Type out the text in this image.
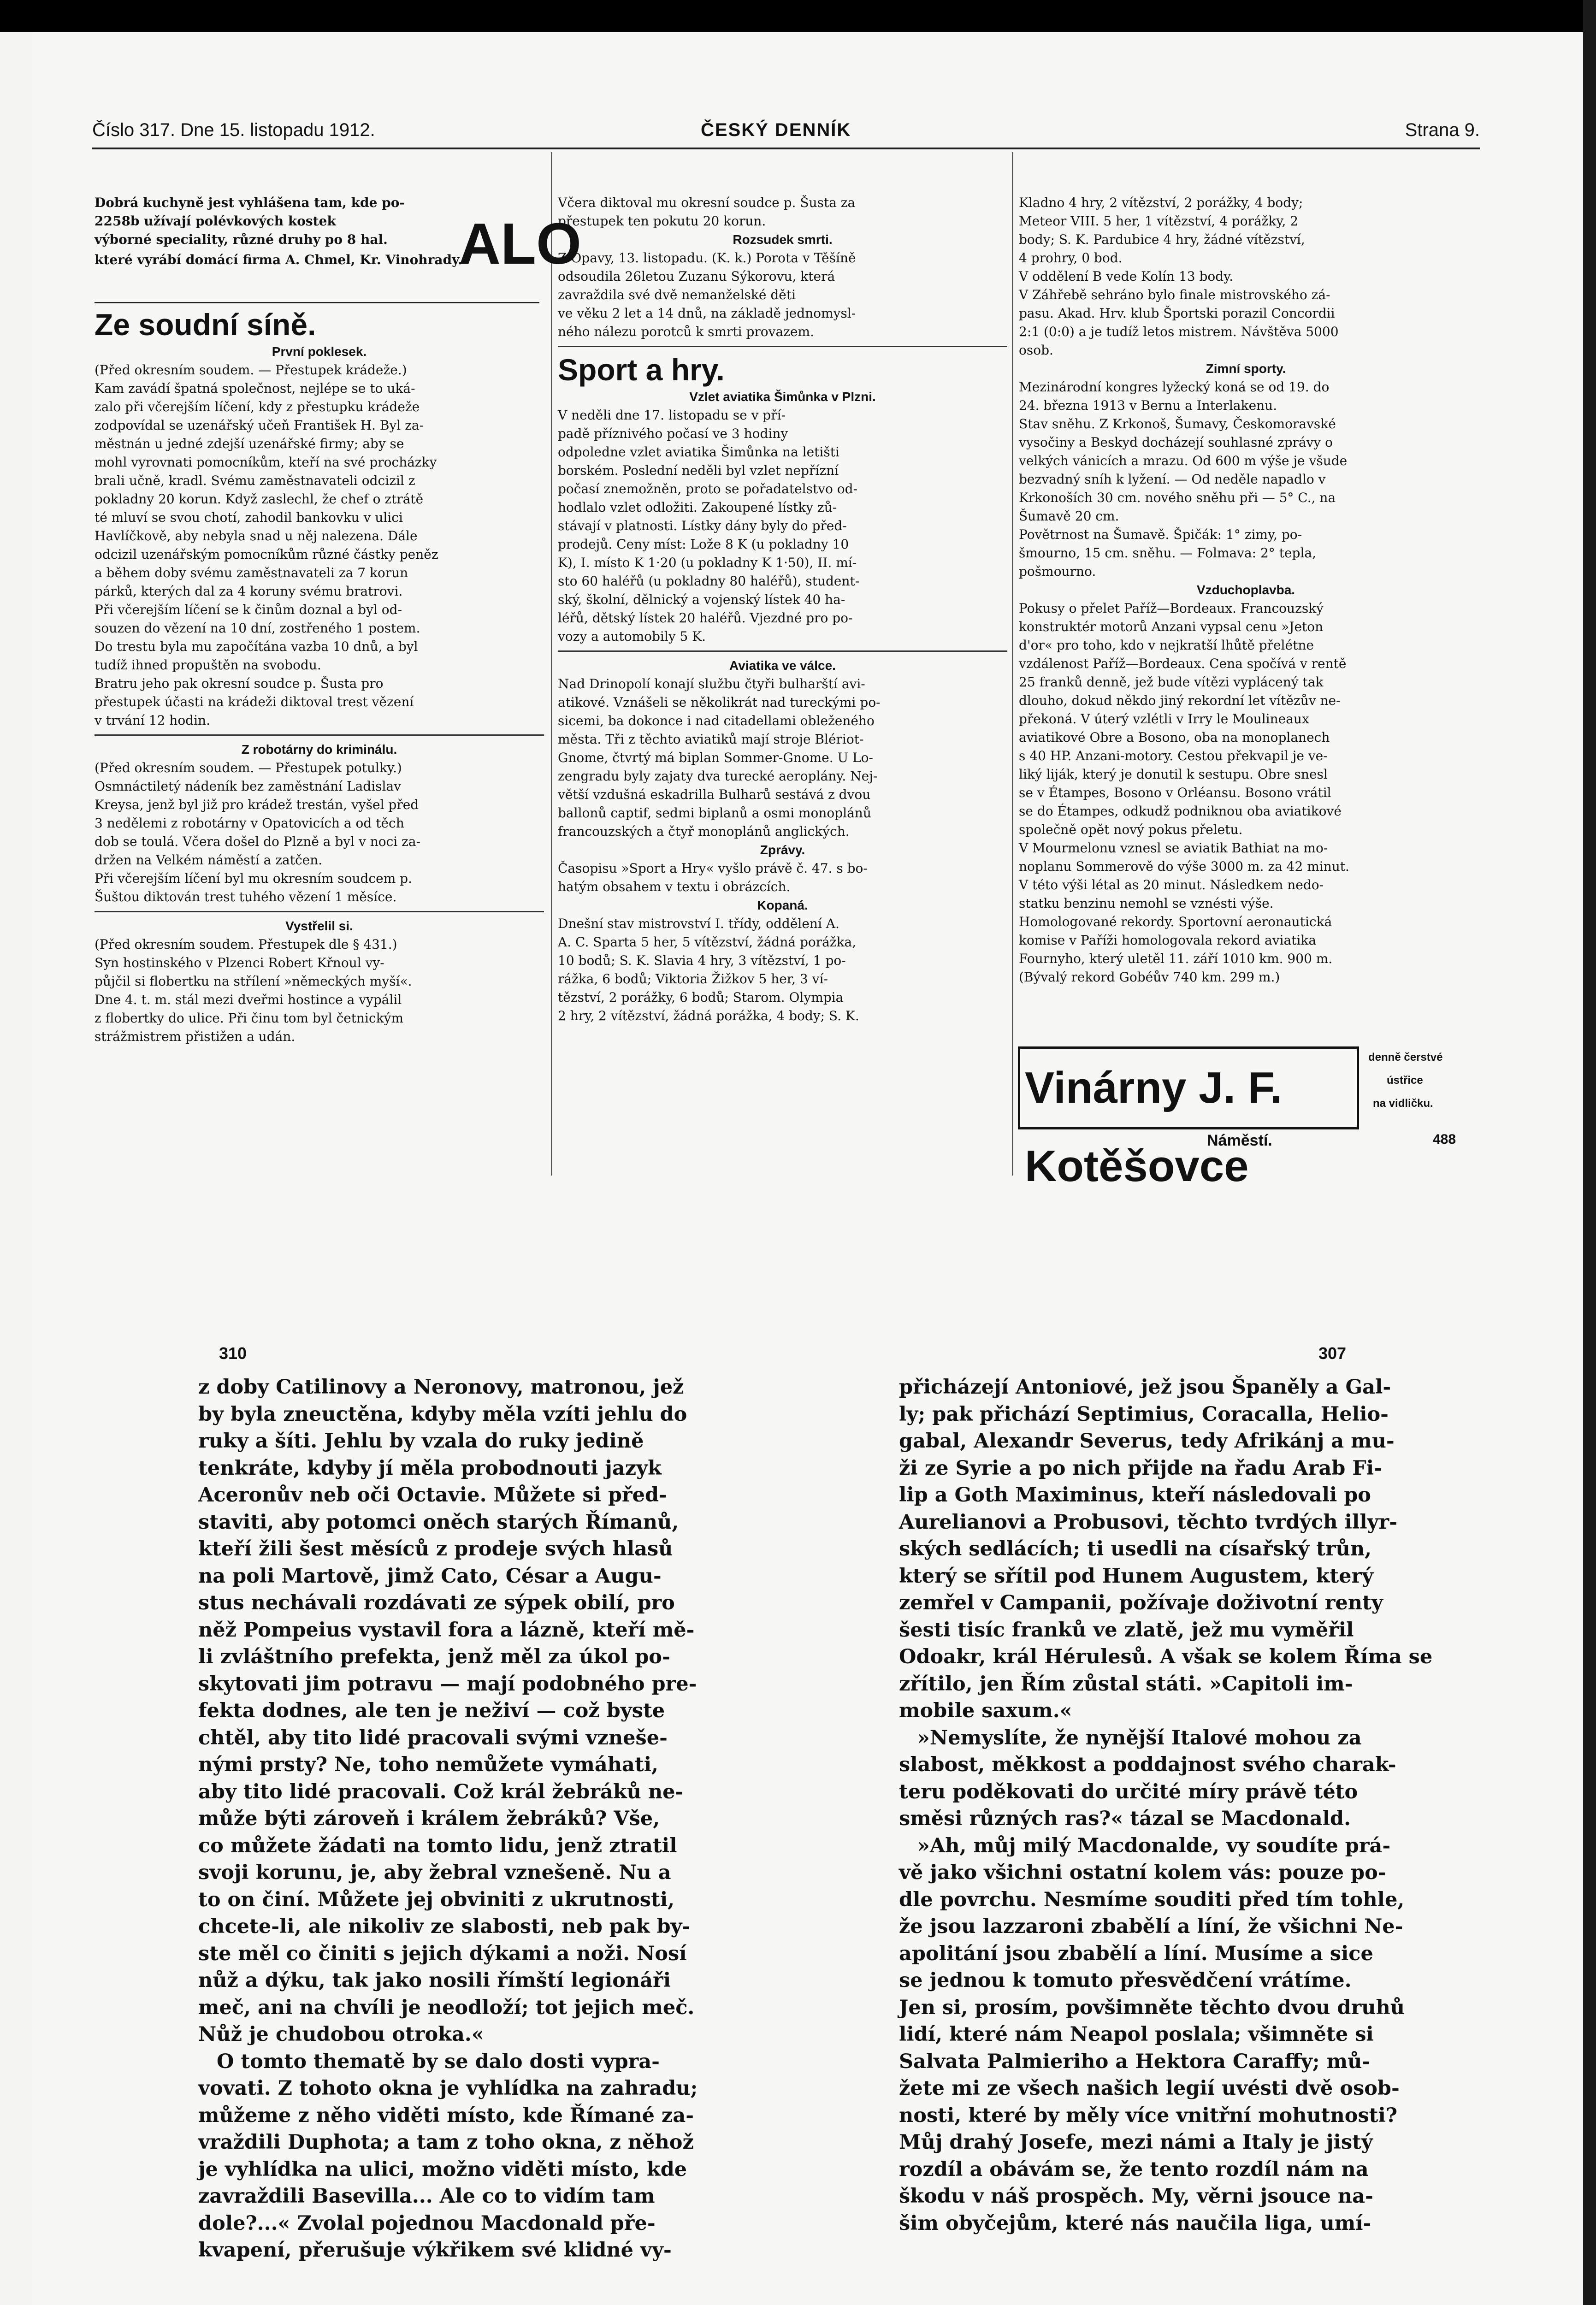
Číslo 317. Dne 15. listopadu 1912.	ČESKÝ DENNÍK	Strana 9.
Dobrá kuchyně jest vyhlášena tam, kde po-
2258b užívají polévkových kostek
výborné speciality, různé druhy po 8 hal.	ALO
které vyrábí domácí firma A. Chmel, Kr. Vinohrady.
Ze soudní síně.

První poklesek.

(Před okresním soudem. — Přestupek krádeže.)
Kam zavádí špatná společnost, nejlépe se to uká-
zalo při včerejším líčení, kdy z přestupku krádeže
zodpovídal se uzenářský učeň František H. Byl za-
městnán u jedné zdejší uzenářské firmy; aby se
mohl vyrovnati pomocníkům, kteří na své procházky
brali učně, kradl. Svému zaměstnavateli odcizil z
pokladny 20 korun. Když zaslechl, že chef o ztrátě
té mluví se svou chotí, zahodil bankovku v ulici
Havlíčkově, aby nebyla snad u něj nalezena. Dále
odcizil uzenářským pomocníkům různé částky peněz
a během doby svému zaměstnavateli za 7 korun
párků, kterých dal za 4 koruny svému bratrovi.
Při včerejším líčení se k činům doznal a byl od-
souzen do vězení na 10 dní, zostřeného 1 postem.
Do trestu byla mu započítána vazba 10 dnů, a byl
tudíž ihned propuštěn na svobodu.
Bratru jeho pak okresní soudce p. Šusta pro
přestupek účasti na krádeži diktoval trest vězení
v trvání 12 hodin.

Z robotárny do kriminálu.

(Před okresním soudem. — Přestupek potulky.)
Osmnáctiletý nádeník bez zaměstnání Ladislav
Kreysa, jenž byl již pro krádež trestán, vyšel před
3 nedělemi z robotárny v Opatovicích a od těch
dob se toulá. Včera došel do Plzně a byl v noci za-
držen na Velkém náměstí a zatčen.
Při včerejším líčení byl mu okresním soudcem p.
Šuštou diktován trest tuhého vězení 1 měsíce.

Vystřelil si.

(Před okresním soudem. Přestupek dle § 431.)
Syn hostinského v Plzenci Robert Křnoul vy-
půjčil si flobertku na střílení »německých myší«.
Dne 4. t. m. stál mezi dveřmi hostince a vypálil
z flobertky do ulice. Při činu tom byl četnickým
strážmistrem přistižen a udán.
Včera diktoval mu okresní soudce p. Šusta za
přestupek ten pokutu 20 korun.

Rozsudek smrti.

Z Opavy, 13. listopadu. (K. k.) Porota v Těšíně
odsoudila 26letou Zuzanu Sýkorovu, která
zavraždila své dvě nemanželské děti
ve věku 2 let a 14 dnů, na základě jednomysl-
ného nálezu porotců k smrti provazem.
Sport a hry.

Vzlet aviatika Šimůnka v Plzni.

V neděli dne 17. listopadu se v pří-
padě příznivého počasí ve 3 hodiny
odpoledne vzlet aviatika Šimůnka na letišti
borském. Poslední neděli byl vzlet nepřízní
počasí znemožněn, proto se pořadatelstvo od-
hodlalo vzlet odložiti. Zakoupené lístky zů-
stávají v platnosti. Lístky dány byly do před-
prodejů. Ceny míst: Lože 8 K (u pokladny 10
K), I. místo K 1·20 (u pokladny K 1·50), II. mí-
sto 60 haléřů (u pokladny 80 haléřů), student-
ský, školní, dělnický a vojenský lístek 40 ha-
léřů, dětský lístek 20 haléřů. Vjezdné pro po-
vozy a automobily 5 K.

Aviatika ve válce.

Nad Drinopolí konají službu čtyři bulharští avi-
atikové. Vznášeli se několikrát nad tureckými po-
sicemi, ba dokonce i nad citadellami obleženého
města. Tři z těchto aviatiků mají stroje Blériot-
Gnome, čtvrtý má biplan Sommer-Gnome. U Lo-
zengradu byly zajaty dva turecké aeroplány. Nej-
větší vzdušná eskadrilla Bulharů sestává z dvou
ballonů captif, sedmi biplanů a osmi monoplánů
francouzských a čtyř monoplánů anglických.

Zprávy.

Časopisu »Sport a Hry« vyšlo právě č. 47. s bo-
hatým obsahem v textu i obrázcích.

Kopaná.

Dnešní stav mistrovství I. třídy, oddělení A.
A. C. Sparta 5 her, 5 vítězství, žádná porážka,
10 bodů; S. K. Slavia 4 hry, 3 vítězství, 1 po-
rážka, 6 bodů; Viktoria Žižkov 5 her, 3 ví-
tězství, 2 porážky, 6 bodů; Starom. Olympia
2 hry, 2 vítězství, žádná porážka, 4 body; S. K.
Kladno 4 hry, 2 vítězství, 2 porážky, 4 body;
Meteor VIII. 5 her, 1 vítězství, 4 porážky, 2
body; S. K. Pardubice 4 hry, žádné vítězství,
4 prohry, 0 bod.
V oddělení B vede Kolín 13 body.
V Záhřebě sehráno bylo finale mistrovského zá-
pasu. Akad. Hrv. klub Športski porazil Concordii
2:1 (0:0) a je tudíž letos mistrem. Návštěva 5000
osob.

Zimní sporty.

Mezinárodní kongres lyžecký koná se od 19. do
24. března 1913 v Bernu a Interlakenu.
Stav sněhu. Z Krkonoš, Šumavy, Českomoravské
vysočiny a Beskyd docházejí souhlasné zprávy o
velkých vánicích a mrazu. Od 600 m výše je všude
bezvadný sníh k lyžení. — Od neděle napadlo v
Krkonoších 30 cm. nového sněhu při — 5° C., na
Šumavě 20 cm.
Povětrnost na Šumavě. Špičák: 1° zimy, po-
šmourno, 15 cm. sněhu. — Folmava: 2° tepla,
pošmourno.

Vzduchoplavba.

Pokusy o přelet Paříž—Bordeaux. Francouzský
konstruktér motorů Anzani vypsal cenu »Jeton
d'or« pro toho, kdo v nejkratší lhůtě přelétne
vzdálenost Paříž—Bordeaux. Cena spočívá v rentě
25 franků denně, jež bude vítězi vyplácený tak
dlouho, dokud někdo jiný rekordní let vítězův ne-
překoná. V úterý vzlétli v Irry le Moulineaux
aviatikové Obre a Bosono, oba na monoplanech
s 40 HP. Anzani-motory. Cestou překvapil je ve-
liký liják, který je donutil k sestupu. Obre snesl
se v Étampes, Bosono v Orléansu. Bosono vrátil
se do Étampes, odkudž podniknou oba aviatikové
společně opět nový pokus přeletu.
V Mourmelonu vznesl se aviatik Bathiat na mo-
noplanu Sommerově do výše 3000 m. za 42 minut.
V této výši létal as 20 minut. Následkem nedo-
statku benzinu nemohl se vznésti výše.
Homologované rekordy. Sportovní aeronautická
komise v Paříži homologovala rekord aviatika
Fournyho, který uletěl 11. září 1010 km. 900 m.
(Bývalý rekord Gobéův 740 km. 299 m.)
Vinárny J. F. Kotěšovce
denně čerstvé
ústřice
na vidličku.
Náměstí.	488
310	307
z doby Catilinovy a Neronovy, matronou, jež
by byla zneuctěna, kdyby měla vzíti jehlu do
ruky a šíti. Jehlu by vzala do ruky jedině
tenkráte, kdyby jí měla probodnouti jazyk
Aceronův neb oči Octavie. Můžete si před-
staviti, aby potomci oněch starých Římanů,
kteří žili šest měsíců z prodeje svých hlasů
na poli Martově, jimž Cato, César a Augu-
stus nechávali rozdávati ze sýpek obilí, pro
něž Pompeius vystavil fora a lázně, kteří mě-
li zvláštního prefekta, jenž měl za úkol po-
skytovati jim potravu — mají podobného pre-
fekta dodnes, ale ten je neživí — což byste
chtěl, aby tito lidé pracovali svými vzneše-
nými prsty? Ne, toho nemůžete vymáhati,
aby tito lidé pracovali. Což král žebráků ne-
může býti zároveň i králem žebráků? Vše,
co můžete žádati na tomto lidu, jenž ztratil
svoji korunu, je, aby žebral vznešeně. Nu a
to on činí. Můžete jej obviniti z ukrutnosti,
chcete-li, ale nikoliv ze slabosti, neb pak by-
ste měl co činiti s jejich dýkami a noži. Nosí
nůž a dýku, tak jako nosili římští legionáři
meč, ani na chvíli je neodloží; tot jejich meč.
Nůž je chudobou otroka.«
O tomto thematě by se dalo dosti vypra-
vovati. Z tohoto okna je vyhlídka na zahradu;
můžeme z něho viděti místo, kde Římané za-
vraždili Duphota; a tam z toho okna, z něhož
je vyhlídka na ulici, možno viděti místo, kde
zavraždili Basevilla... Ale co to vidím tam
dole?...« Zvolal pojednou Macdonald pře-
kvapení, přerušuje výkřikem své klidné vy-
přicházejí Antoniové, jež jsou Španěly a Gal-
ly; pak přichází Septimius, Coracalla, Helio-
gabal, Alexandr Severus, tedy Afrikánj a mu-
ži ze Syrie a po nich přijde na řadu Arab Fi-
lip a Goth Maximinus, kteří následovali po
Aurelianovi a Probusovi, těchto tvrdých illyr-
ských sedlácích; ti usedli na císařský trůn,
který se sřítil pod Hunem Augustem, který
zemřel v Campanii, požívaje doživotní renty
šesti tisíc franků ve zlatě, jež mu vyměřil
Odoakr, král Hérulesů. A však se kolem Říma se
zřítilo, jen Řím zůstal státi. »Capitoli im-
mobile saxum.«
»Nemyslíte, že nynější Italové mohou za
slabost, měkkost a poddajnost svého charak-
teru poděkovati do určité míry právě této
směsi různých ras?« tázal se Macdonald.
»Ah, můj milý Macdonalde, vy soudíte prá-
vě jako všichni ostatní kolem vás: pouze po-
dle povrchu. Nesmíme souditi před tím tohle,
že jsou lazzaroni zbabělí a líní, že všichni Ne-
apolitání jsou zbabělí a líní. Musíme a sice
se jednou k tomuto přesvědčení vrátíme.
Jen si, prosím, povšimněte těchto dvou druhů
lidí, které nám Neapol poslala; všimněte si
Salvata Palmieriho a Hektora Caraffy; mů-
žete mi ze všech našich legií uvésti dvě osob-
nosti, které by měly více vnitřní mohutnosti?
Můj drahý Josefe, mezi námi a Italy je jistý
rozdíl a obávám se, že tento rozdíl nám na
škodu v náš prospěch. My, věrni jsouce na-
šim obyčejům, které nás naučila liga, umí-
